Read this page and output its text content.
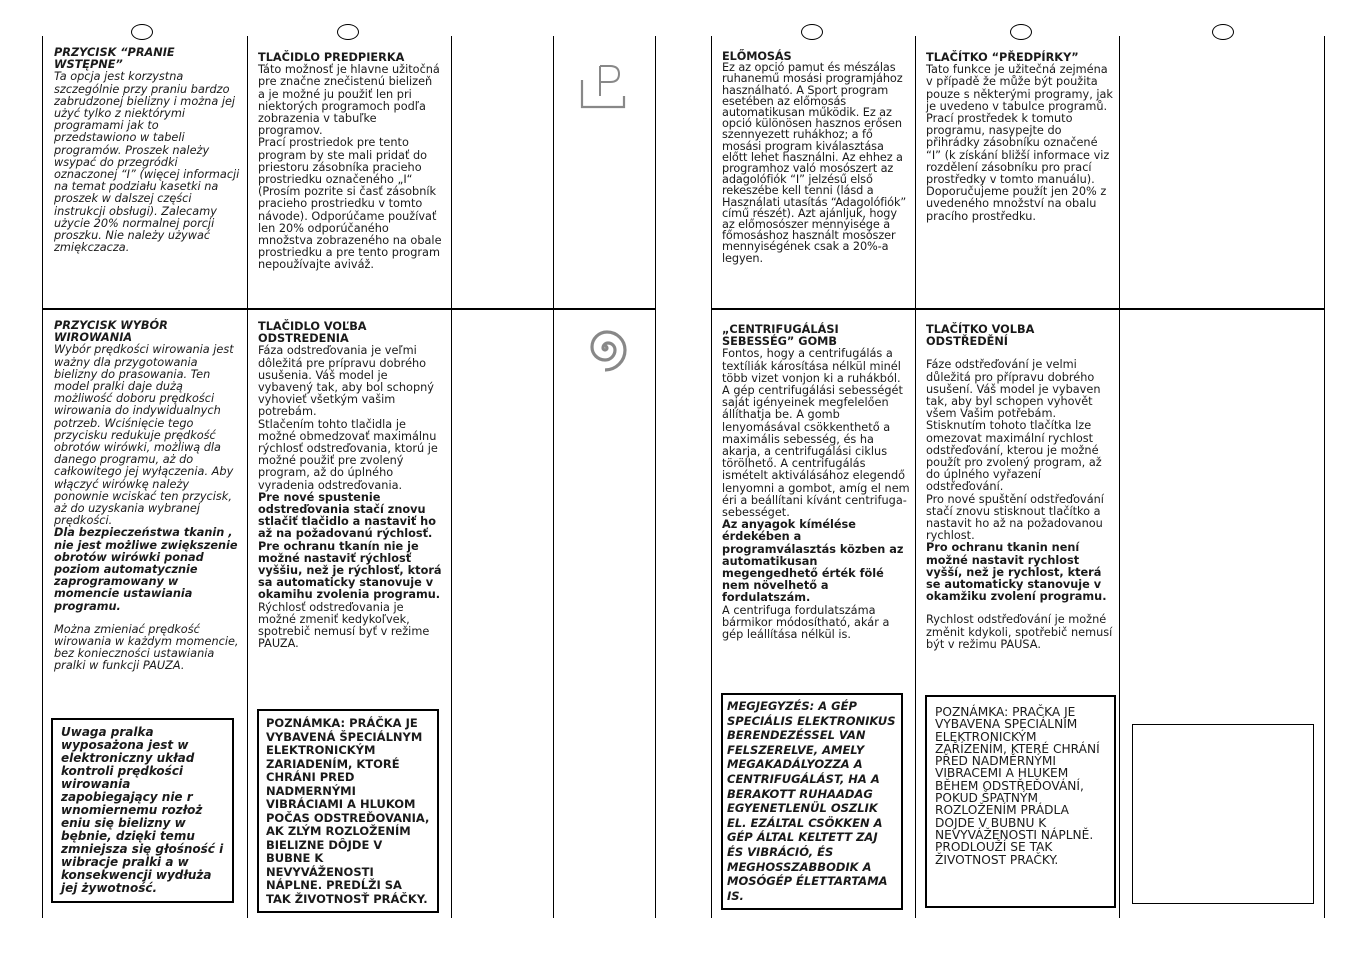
PRZYCISK “PRANIE WSTĘPNE”

Ta opcja jest korzystna szczególnie przy praniu bardzo zabrudzonej bielizny i można jej użyć tylko z niektórymi programami jak to przedstawiono w tabeli programów. Proszek należy wsypać do przegródki oznaczonej “I” (więcej informacji na temat podziału kasetki na proszek w dalszej części instrukcji obsługi). Zalecamy użycie 20% normalnej porcji proszku. Nie należy używać zmiękczacza.

TLAČIDLO PREDPIERKA

Táto možnosť je hlavne užitočná pre značne znečistenú bielizeň a je možné ju použiť len pri niektorých programoch podľa zobrazenia v tabuľke programov.

Prací prostriedok pre tento program by ste mali pridať do priestoru zásobníka pracieho prostriedku označeného „I“ (Prosím pozrite si časť zásobník pracieho prostriedku v tomto návode). Odporúčame používať len 20% odporúčaného množstva zobrazeného na obale prostriedku a pre tento program nepoužívajte aviváž.

ELŐMOSÁS

Ez az opció pamut és mészálas ruhanemű mosási programjához használható. A Sport program esetében az előmosás automatikusan működik. Ez az opció különösen hasznos erősen szennyezett ruhákhoz; a fő mosási program kiválasztása előtt lehet használni. Az ehhez a programhoz való mosószert az adagolófiók “I” jelzésű első rekeszébe kell tenni (lásd a Használati utasítás “Adagolófiók” című részét). Azt ajánljuk, hogy az előmosószer mennyisége a főmosáshoz használt mosószer mennyiségének csak a 20%-a legyen.

TLAČÍTKO “PŘEDPÍRKY”

Tato funkce je užitečná zejména v případě že může být použita pouze s některými programy, jak je uvedeno v tabulce programů.

Prací prostředek k tomuto programu, nasypejte do přihrádky zásobníku označené “I” (k získání bližší informace viz rozdělení zásobníku pro prací prostředky v tomto manuálu). Doporučujeme použít jen 20% z uvedeného množství na obalu pracího prostředku.

PRZYCISK WYBÓR WIROWANIA

Wybór prędkości wirowania jest ważny dla przygotowania bielizny do prasowania. Ten model pralki daje dużą możliwość doboru prędkości wirowania do indywidualnych potrzeb. Wciśnięcie tego przycisku redukuje prędkość obrotów wirówki, możliwą dla danego programu, aż do całkowitego jej wyłączenia. Aby włączyć wirówkę należy ponownie wciskać ten przycisk, aż do uzyskania wybranej prędkości.

Dla bezpieczeństwa tkanin , nie jest możliwe zwiększenie obrotów wirówki ponad poziom automatycznie zaprogramowany w momencie ustawiania programu.

Można zmieniać prędkość wirowania w każdym momencie, bez konieczności ustawiania pralki w funkcji PAUZA.

Uwaga pralka wyposażona jest w elektroniczny układ kontroli prędkości wirowania zapobiegający nie r wnomiernemu rozłoż eniu się bielizny w bębnie, dzięki temu zmniejsza się głośność i wibracje pralki a w konsekwencji wydłuża jej żywotność.

TLAČIDLO VOĽBA ODSTREDENIA

Fáza odstreďovania je veľmi dôležitá pre prípravu dobrého usušenia. Váš model je vybavený tak, aby bol schopný vyhovieť všetkým vašim potrebám.

Stlačením tohto tlačidla je možné obmedzovať maximálnu rýchlosť odstreďovania, ktorú je možné použiť pre zvolený program, až do úplného vyradenia odstreďovania.

Pre nové spustenie odstreďovania stačí znovu stlačiť tlačidlo a nastaviť ho až na požadovanú rýchlosť. Pre ochranu tkanín nie je možné nastaviť rýchlosť vyššiu, než je rýchlosť, ktorá sa automaticky stanovuje v okamihu zvolenia programu.

Rýchlosť odstreďovania je možné zmeniť kedykoľvek, spotrebič nemusí byť v režime PAUZA.

POZNÁMKA: PRÁČKA JE VYBAVENÁ ŠPECIÁLNYM ELEKTRONICKÝM ZARIADENÍM, KTORÉ CHRÁNI PRED NADMERNÝMI VIBRÁCIAMI A HLUKOM POČAS ODSTREĎOVANIA, AK ZLÝM ROZLOŽENÍM BIELIZNE DÔJDE V BUBNE K NEVYVÁŽENOSTI NÁPLNE. PREDĹŽI SA TAK ŽIVOTNOSŤ PRÁČKY.

„CENTRIFUGÁLÁSI SEBESSÉG” GOMB

Fontos, hogy a centrifugálás a textíliák károsítása nélkül minél több vizet vonjon ki a ruhákból. A gép centrifugálási sebességét saját igényeinek megfelelően állíthatja be. A gomb lenyomásával csökkenthető a maximális sebesség, és ha akarja, a centrifugálási ciklus törölhető. A centrifugálás ismételt aktiválásához elegendő lenyomni a gombot, amíg el nem éri a beállítani kívánt centrifuga-sebességet.

Az anyagok kímélése érdekében a programválasztás közben az automatikusan megengedhető érték fölé nem növelhető a fordulatszám.

A centrifuga fordulatszáma bármikor módosítható, akár a gép leállítása nélkül is.

MEGJEGYZÉS: A GÉP SPECIÁLIS ELEKTRONIKUS BERENDEZÉSSEL VAN FELSZERELVE, AMELY MEGAKADÁLYOZZA A CENTRIFUGÁLÁST, HA A BERAKOTT RUHAADAG EGYENETLENÜL OSZLIK EL. EZÁLTAL CSÖKKEN A GÉP ÁLTAL KELTETT ZAJ ÉS VIBRÁCIÓ, ÉS MEGHOSSZABBODIK A MOSÓGÉP ÉLETTARTAMA IS.

TLAČÍTKO VOLBA ODSTŘEDĚNÍ

Fáze odstřeďování je velmi důležitá pro přípravu dobrého usušení. Váš model je vybaven tak, aby byl schopen vyhovět všem Vašim potřebám.

Stisknutím tohoto tlačítka lze omezovat maximální rychlost odstřeďování, kterou je možné použít pro zvolený program, až do úplného vyřazení odstřeďování.

Pro nové spuštění odstřeďování stačí znovu stisknout tlačítko a nastavit ho až na požadovanou rychlost.

Pro ochranu tkanin není možné nastavit rychlost vyšší, než je rychlost, která se automaticky stanovuje v okamžiku zvolení programu.

Rychlost odstřeďování je možné změnit kdykoli, spotřebič nemusí být v režimu PAUSA.

POZNÁMKA: PRAČKA JE VYBAVENA SPECIÁLNÍM ELEKTRONICKÝM ZAŘÍZENÍM, KTERÉ CHRÁNÍ PŘED NADMĚRNÝMI VIBRACEMI A HLUKEM BĚHEM ODSTŘEĎOVÁNÍ, POKUD ŠPATNÝM ROZLOŽENÍM PRÁDLA DOJDE V BUBNU K NEVYVÁŽENOSTI NÁPLNĚ. PRODLOUŽÍ SE TAK ŽIVOTNOST PRAČKY.
